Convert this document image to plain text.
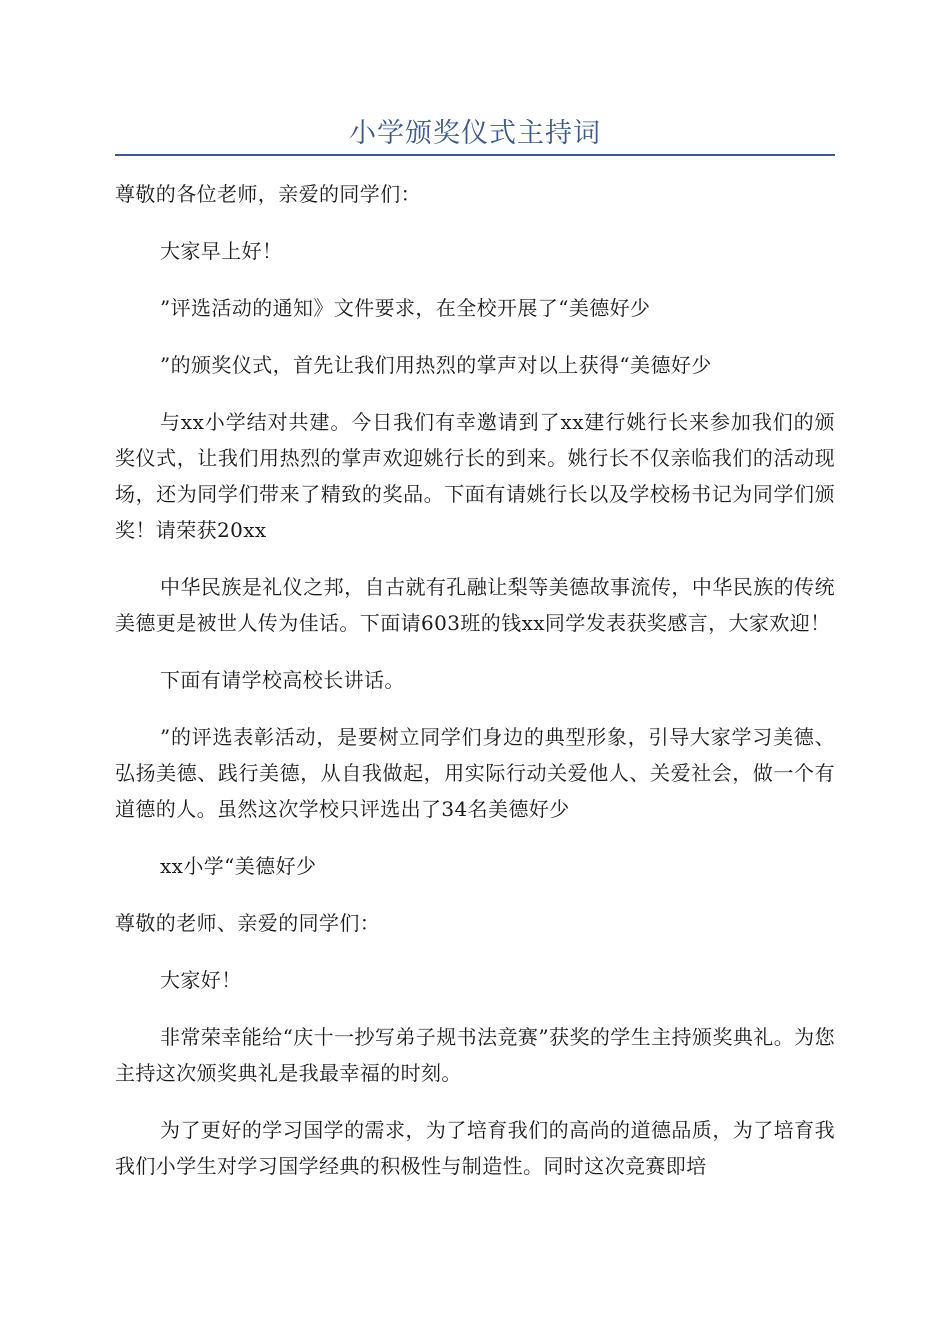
小学颁奖仪式主持词

尊敬的各位老师，亲爱的同学们：

大家早上好！

”评选活动的通知》文件要求，在全校开展了“美德好少

”的颁奖仪式，首先让我们用热烈的掌声对以上获得“美德好少

与xx小学结对共建。今日我们有幸邀请到了xx建行姚行长来参加我们的颁奖仪式，让我们用热烈的掌声欢迎姚行长的到来。姚行长不仅亲临我们的活动现场，还为同学们带来了精致的奖品。下面有请姚行长以及学校杨书记为同学们颁奖！请荣获20xx

中华民族是礼仪之邦，自古就有孔融让梨等美德故事流传，中华民族的传统美德更是被世人传为佳话。下面请603班的钱xx同学发表获奖感言，大家欢迎！

下面有请学校高校长讲话。

”的评选表彰活动，是要树立同学们身边的典型形象，引导大家学习美德、弘扬美德、践行美德，从自我做起，用实际行动关爱他人、关爱社会，做一个有道德的人。虽然这次学校只评选出了34名美德好少

xx小学“美德好少

尊敬的老师、亲爱的同学们：

大家好！

非常荣幸能给“庆十一抄写弟子规书法竞赛”获奖的学生主持颁奖典礼。为您主持这次颁奖典礼是我最幸福的时刻。

为了更好的学习国学的需求，为了培育我们的高尚的道德品质，为了培育我我们小学生对学习国学经典的积极性与制造性。同时这次竞赛即培
